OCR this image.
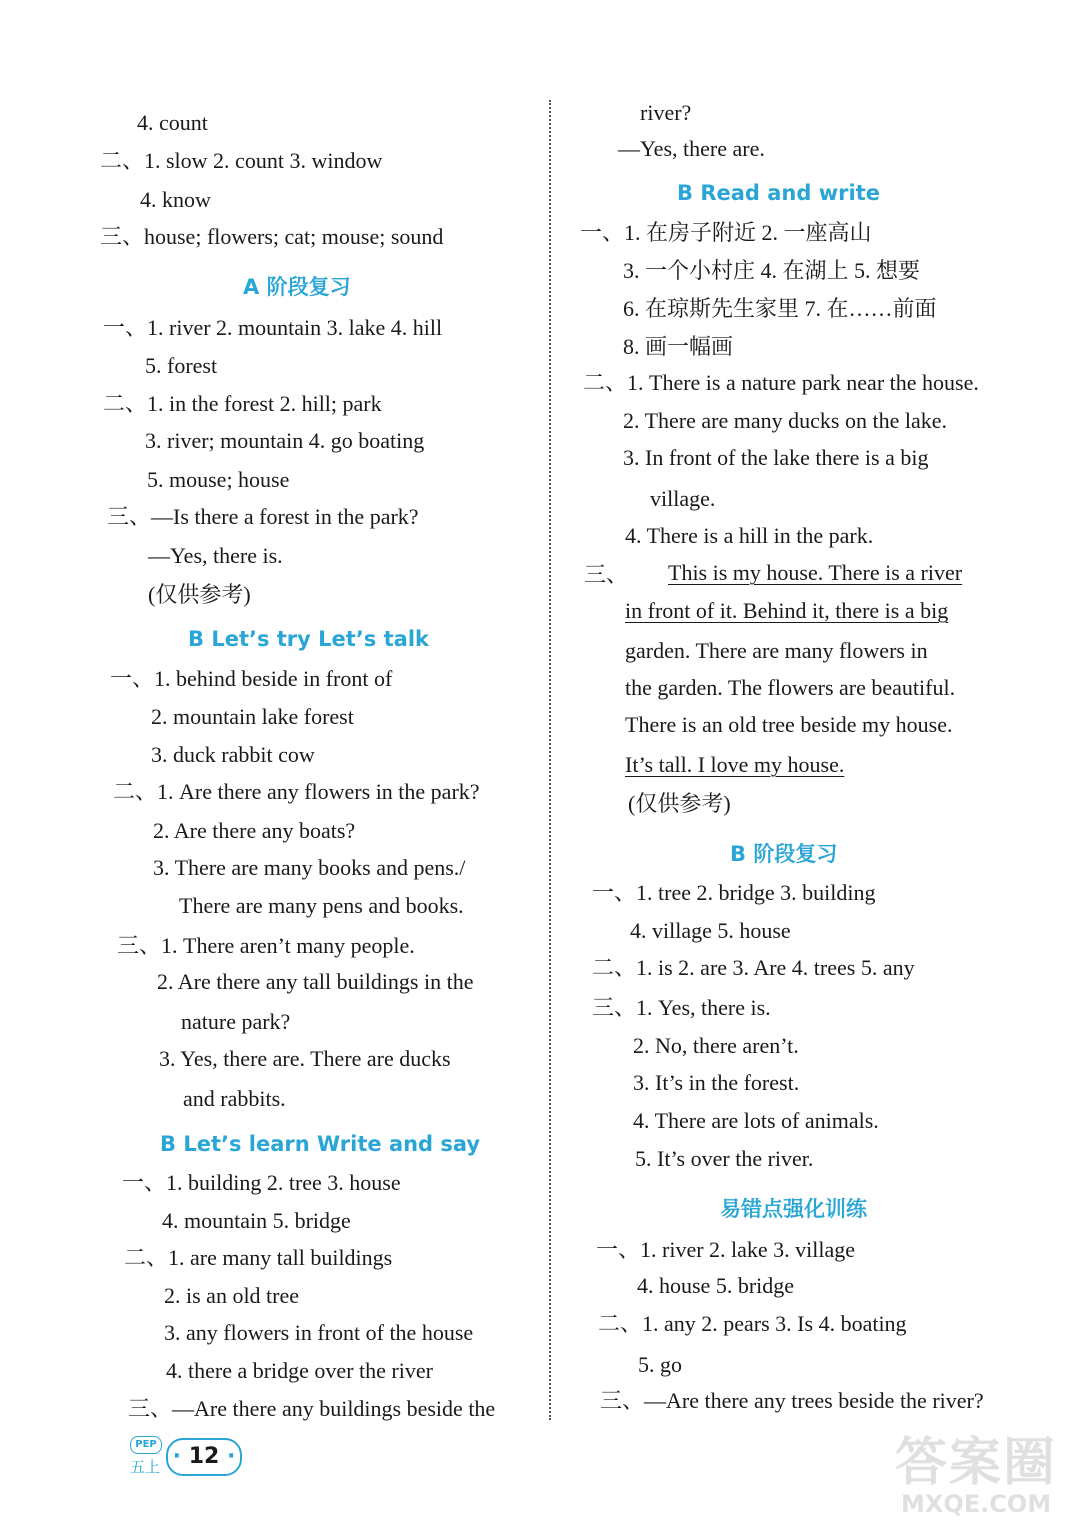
4. count
二、1. slow 2. count 3. window
4. know
三、house; flowers; cat; mouse; sound
A 阶段复习
一、1. river 2. mountain 3. lake 4. hill
5. forest
二、1. in the forest 2. hill; park
3. river; mountain 4. go boating
5. mouse; house
三、—Is there a forest in the park?
—Yes, there is.
(仅供参考)
B Let’s try Let’s talk
一、1. behind beside in front of
2. mountain lake forest
3. duck rabbit cow
二、1. Are there any flowers in the park?
2. Are there any boats?
3. There are many books and pens./
There are many pens and books.
三、1. There aren’t many people.
2. Are there any tall buildings in the
nature park?
3. Yes, there are. There are ducks
and rabbits.
B Let’s learn Write and say
一、1. building 2. tree 3. house
4. mountain 5. bridge
二、1. are many tall buildings
2. is an old tree
3. any flowers in front of the house
4. there a bridge over the river
三、—Are there any buildings beside the
river?
—Yes, there are.
B Read and write
一、1. 在房子附近 2. 一座高山
3. 一个小村庄 4. 在湖上 5. 想要
6. 在琼斯先生家里 7. 在……前面
8. 画一幅画
二、1. There is a nature park near the house.
2. There are many ducks on the lake.
3. In front of the lake there is a big
village.
4. There is a hill in the park.
三、 This is my house. There is a river
in front of it. Behind it, there is a big
garden. There are many flowers in
the garden. The flowers are beautiful.
There is an old tree beside my house.
It’s tall. I love my house.
(仅供参考)
B 阶段复习
一、1. tree 2. bridge 3. building
4. village 5. house
二、1. is 2. are 3. Are 4. trees 5. any
三、1. Yes, there is.
2. No, there aren’t.
3. It’s in the forest.
4. There are lots of animals.
5. It’s over the river.
易错点强化训练
一、1. river 2. lake 3. village
4. house 5. bridge
二、1. any 2. pears 3. Is 4. boating
5. go
三、—Are there any trees beside the river?
PEP
五上 · 12 ·	答案圈
MXQE.COM
